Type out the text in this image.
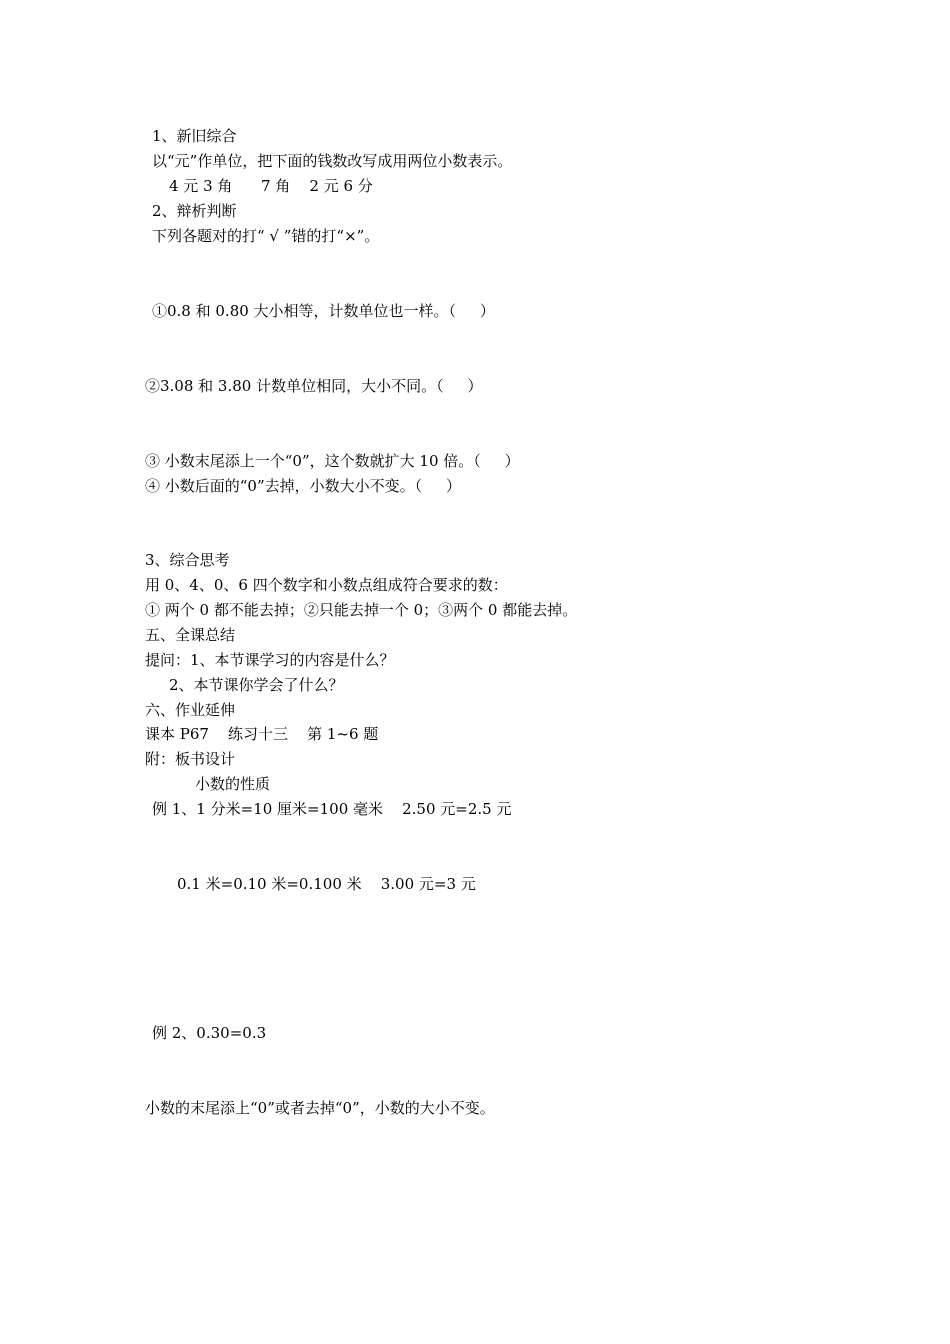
1、新旧综合
以“元”作单位，把下面的钱数改写成用两位小数表示。
4 元 3 角      7 角    2 元 6 分
2、辩析判断
下列各题对的打“ √ ”错的打“×”。
①0.8 和 0.80 大小相等，计数单位也一样。（     ）
②3.08 和 3.80 计数单位相同，大小不同。（     ）
③ 小数末尾添上一个“0”，这个数就扩大 10 倍。（     ）
④ 小数后面的“0”去掉，小数大小不变。（     ）
3、综合思考
用 0、4、0、6 四个数字和小数点组成符合要求的数：
① 两个 0 都不能去掉；②只能去掉一个 0；③两个 0 都能去掉。
五、全课总结
提问：1、本节课学习的内容是什么？
2、本节课你学会了什么？
六、作业延伸
课本 P67    练习十三    第 1~6 题
附：板书设计
小数的性质
例 1、1 分米=10 厘米=100 毫米    2.50 元=2.5 元
0.1 米=0.10 米=0.100 米    3.00 元=3 元
例 2、0.30=0.3
小数的末尾添上“0”或者去掉“0”，小数的大小不变。
